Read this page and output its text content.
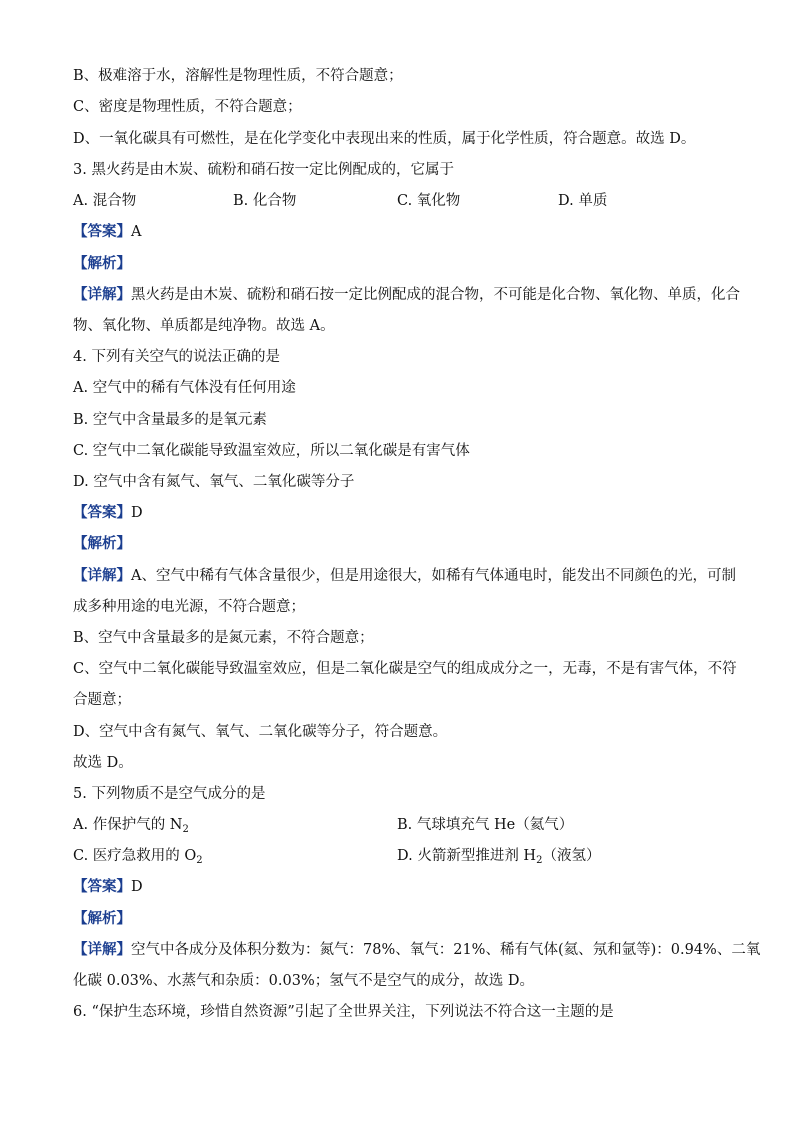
B、极难溶于水，溶解性是物理性质，不符合题意；
C、密度是物理性质，不符合题意；
D、一氧化碳具有可燃性，是在化学变化中表现出来的性质，属于化学性质，符合题意。故选 D。
3. 黑火药是由木炭、硫粉和硝石按一定比例配成的，它属于
A. 混合物	B. 化合物	C. 氧化物	D. 单质
【答案】A
【解析】
【详解】黑火药是由木炭、硫粉和硝石按一定比例配成的混合物，不可能是化合物、氧化物、单质，化合
物、氧化物、单质都是纯净物。故选 A。
4. 下列有关空气的说法正确的是
A. 空气中的稀有气体没有任何用途
B. 空气中含量最多的是氧元素
C. 空气中二氧化碳能导致温室效应，所以二氧化碳是有害气体
D. 空气中含有氮气、氧气、二氧化碳等分子
【答案】D
【解析】
【详解】A、空气中稀有气体含量很少，但是用途很大，如稀有气体通电时，能发出不同颜色的光，可制
成多种用途的电光源，不符合题意；
B、空气中含量最多的是氮元素，不符合题意；
C、空气中二氧化碳能导致温室效应，但是二氧化碳是空气的组成成分之一，无毒，不是有害气体，不符
合题意；
D、空气中含有氮气、氧气、二氧化碳等分子，符合题意。
故选 D。
5. 下列物质不是空气成分的是
A. 作保护气的 $N_2$	B. 气球填充气 He（氦气）
C. 医疗急救用的 $O_2$	D. 火箭新型推进剂 $H_2$（液氢）
【答案】D
【解析】
【详解】空气中各成分及体积分数为：氮气：78%、氧气：21%、稀有气体(氦、氖和氩等)：0.94%、二氧
化碳 0.03%、水蒸气和杂质：0.03%；氢气不是空气的成分，故选 D。
6. “保护生态环境，珍惜自然资源”引起了全世界关注，下列说法不符合这一主题的是
